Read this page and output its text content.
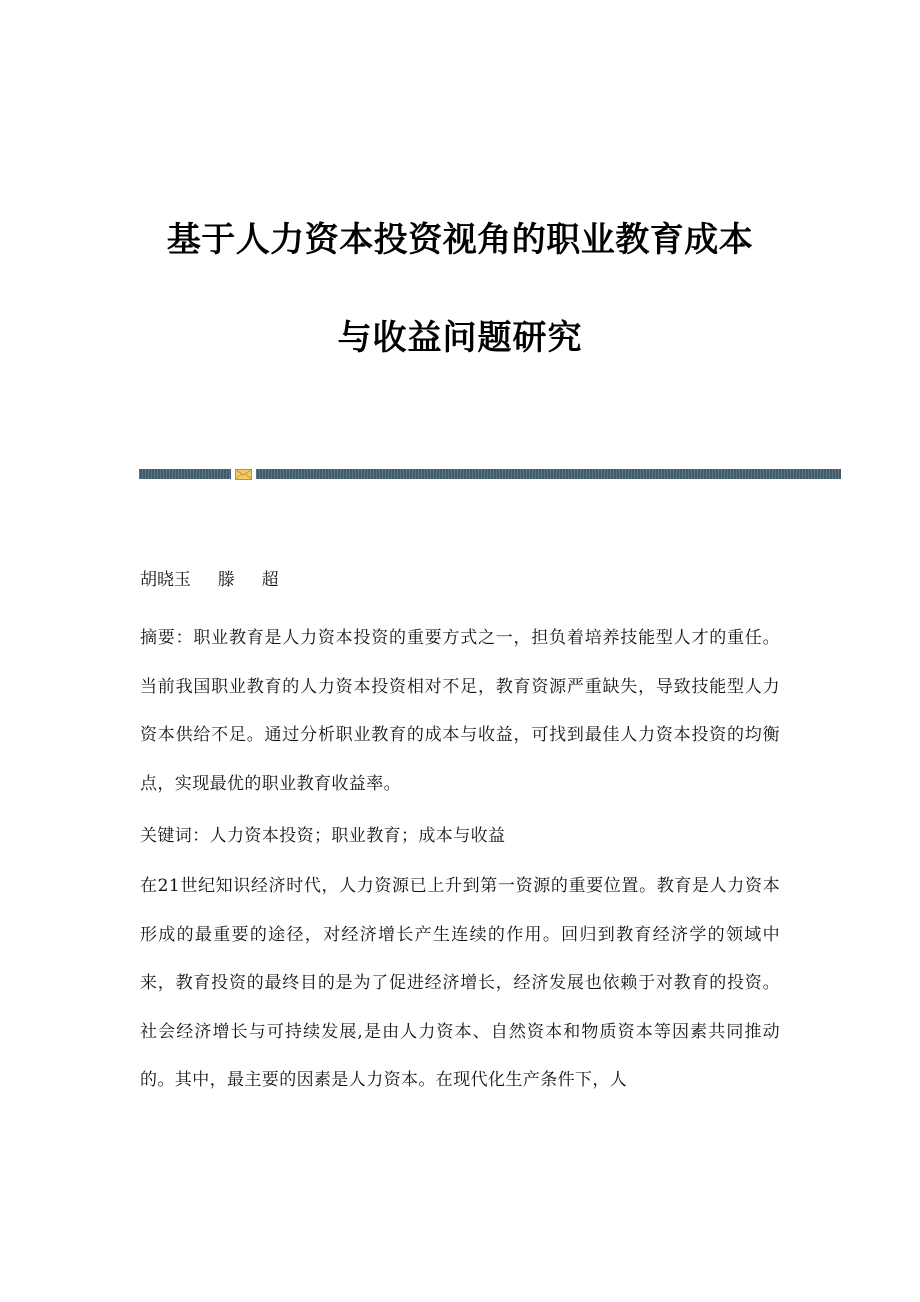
基于人力资本投资视角的职业教育成本
与收益问题研究
胡晓玉  滕  超
摘要：职业教育是人力资本投资的重要方式之一，担负着培养技能型人才的重任。当前我国职业教育的人力资本投资相对不足，教育资源严重缺失，导致技能型人力资本供给不足。通过分析职业教育的成本与收益，可找到最佳人力资本投资的均衡点，实现最优的职业教育收益率。
关键词：人力资本投资；职业教育；成本与收益
在21世纪知识经济时代，人力资源已上升到第一资源的重要位置。教育是人力资本形成的最重要的途径，对经济增长产生连续的作用。回归到教育经济学的领域中来，教育投资的最终目的是为了促进经济增长，经济发展也依赖于对教育的投资。社会经济增长与可持续发展,是由人力资本、自然资本和物质资本等因素共同推动的。其中，最主要的因素是人力资本。在现代化生产条件下，人
